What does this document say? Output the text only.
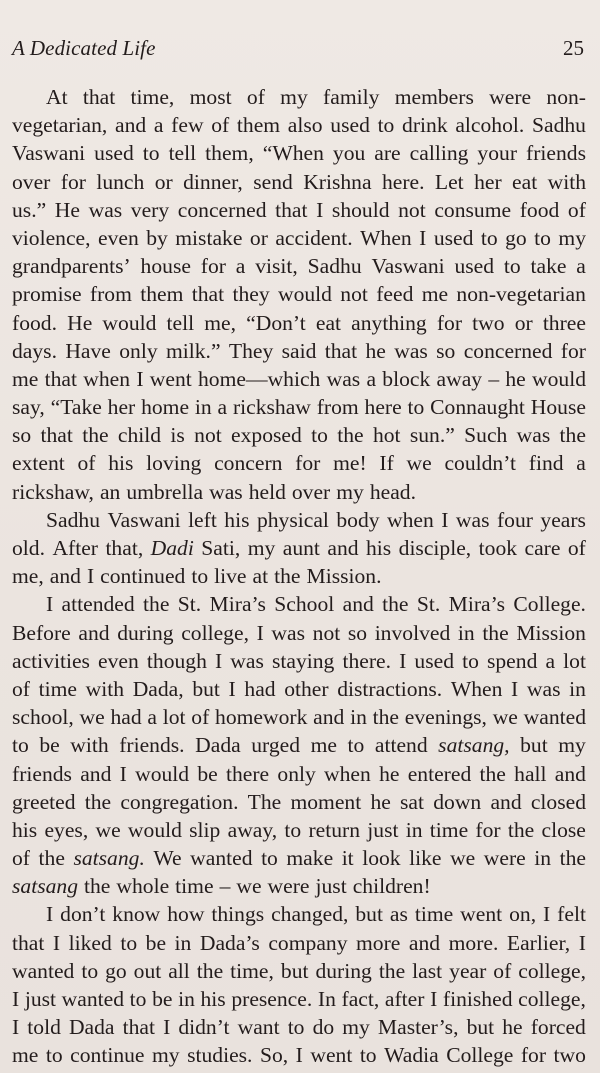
A Dedicated Life	25
At that time, most of my family members were non-
vegetarian, and a few of them also used to drink alcohol. Sadhu
Vaswani used to tell them, “When you are calling your friends
over for lunch or dinner, send Krishna here. Let her eat with
us.” He was very concerned that I should not consume food of
violence, even by mistake or accident. When I used to go to my
grandparents’ house for a visit, Sadhu Vaswani used to take a
promise from them that they would not feed me non-vegetarian
food. He would tell me, “Don’t eat anything for two or three
days. Have only milk.” They said that he was so concerned for
me that when I went home—which was a block away – he would
say, “Take her home in a rickshaw from here to Connaught House
so that the child is not exposed to the hot sun.” Such was the
extent of his loving concern for me! If we couldn’t find a
rickshaw, an umbrella was held over my head.
Sadhu Vaswani left his physical body when I was four years
old. After that, Dadi Sati, my aunt and his disciple, took care of
me, and I continued to live at the Mission.
I attended the St. Mira’s School and the St. Mira’s College.
Before and during college, I was not so involved in the Mission
activities even though I was staying there. I used to spend a lot
of time with Dada, but I had other distractions. When I was in
school, we had a lot of homework and in the evenings, we wanted
to be with friends. Dada urged me to attend satsang, but my
friends and I would be there only when he entered the hall and
greeted the congregation. The moment he sat down and closed
his eyes, we would slip away, to return just in time for the close
of the satsang. We wanted to make it look like we were in the
satsang the whole time – we were just children!
I don’t know how things changed, but as time went on, I felt
that I liked to be in Dada’s company more and more. Earlier, I
wanted to go out all the time, but during the last year of college,
I just wanted to be in his presence. In fact, after I finished college,
I told Dada that I didn’t want to do my Master’s, but he forced
me to continue my studies. So, I went to Wadia College for two
